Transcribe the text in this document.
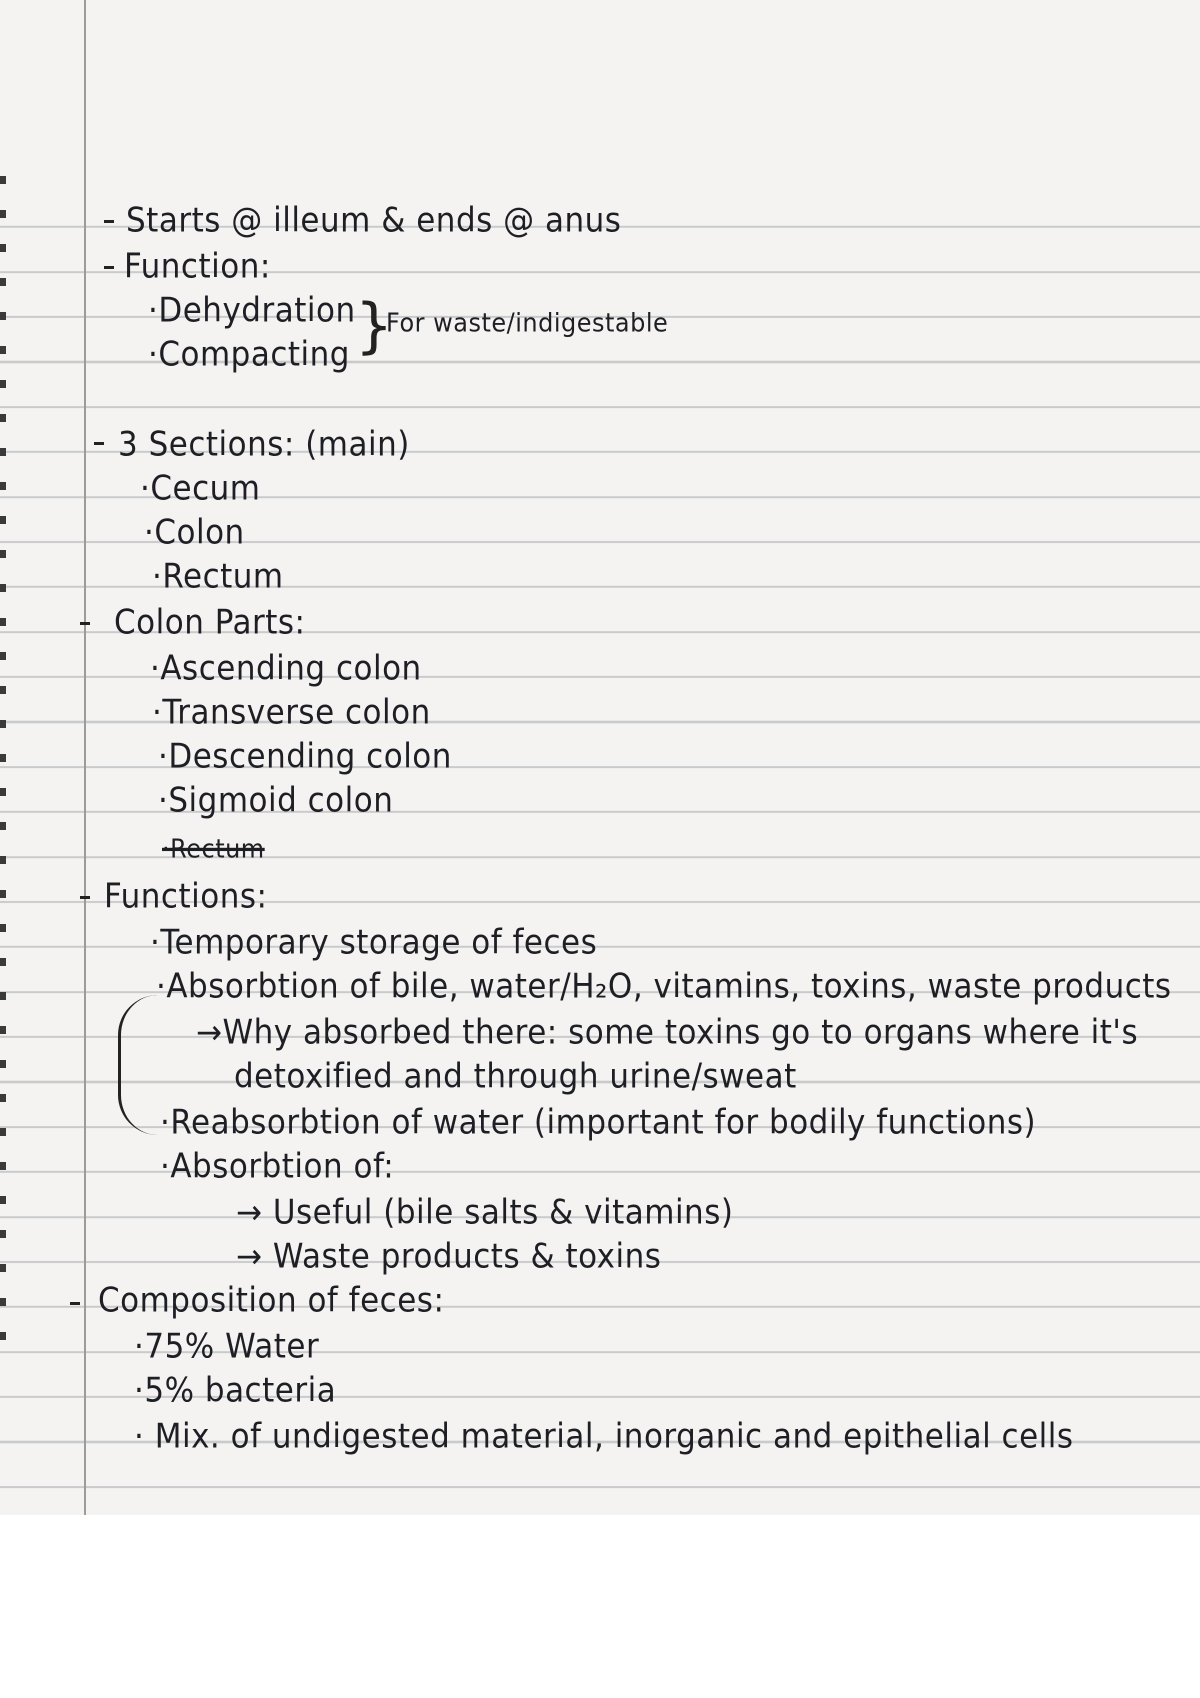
Starts @ illeum & ends @ anus
Function:
·Dehydration
·Compacting }
For waste/indigestable
3 Sections: (main)
·Cecum
·Colon
·Rectum
Colon Parts:
·Ascending colon
·Transverse colon
·Descending colon
·Sigmoid colon
·Rectum
Functions:
·Temporary storage of feces
·Absorbtion of bile, water/H₂O, vitamins, toxins, waste products
→Why absorbed there: some toxins go to organs where it's
detoxified and through urine/sweat
·Reabsorbtion of water (important for bodily functions)
·Absorbtion of:
→ Useful (bile salts & vitamins)
→ Waste products & toxins
Composition of feces:
·75% Water
·5% bacteria
· Mix. of undigested material, inorganic and epithelial cells
